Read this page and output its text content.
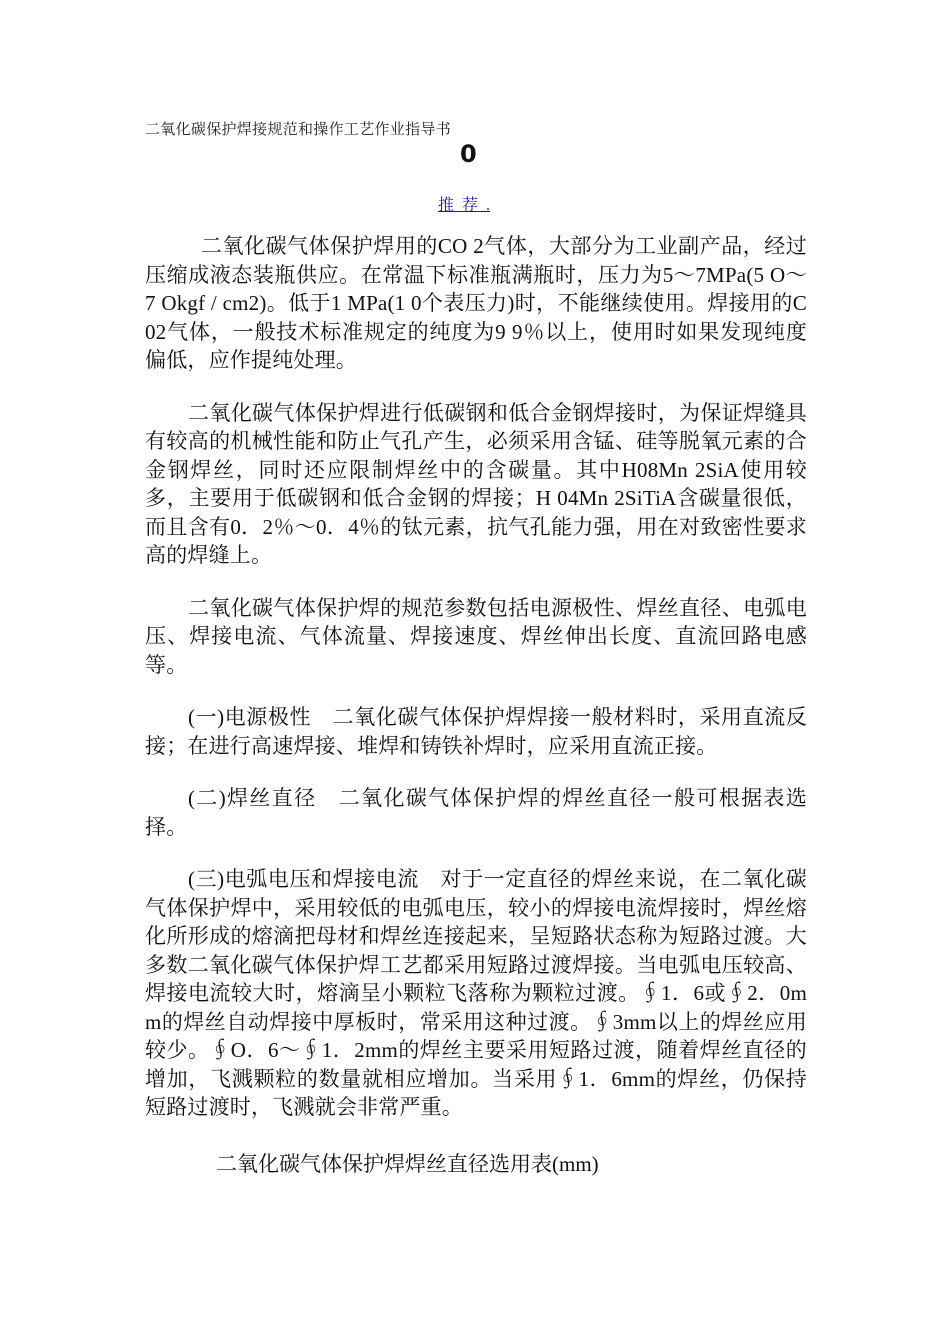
二氧化碳保护焊接规范和操作工艺作业指导书
0
推  荐  .

二氧化碳气体保护焊用的CO 2气体，大部分为工业副产品，经过压缩成液态装瓶供应。在常温下标准瓶满瓶时，压力为5～7MPa(5 O～7 Okgf / cm2)。低于1 MPa(1 0个表压力)时，不能继续使用。焊接用的C02气体，一般技术标准规定的纯度为9 9％以上，使用时如果发现纯度偏低，应作提纯处理。

二氧化碳气体保护焊进行低碳钢和低合金钢焊接时，为保证焊缝具有较高的机械性能和防止气孔产生，必须采用含锰、硅等脱氧元素的合金钢焊丝，同时还应限制焊丝中的含碳量。其中H08Mn 2SiA使用较多，主要用于低碳钢和低合金钢的焊接；H 04Mn 2SiTiA含碳量很低，而且含有0．2％～0．4％的钛元素，抗气孔能力强，用在对致密性要求高的焊缝上。

二氧化碳气体保护焊的规范参数包括电源极性、焊丝直径、电弧电压、焊接电流、气体流量、焊接速度、焊丝伸出长度、直流回路电感等。

(一)电源极性　二氧化碳气体保护焊焊接一般材料时，采用直流反接；在进行高速焊接、堆焊和铸铁补焊时，应采用直流正接。

(二)焊丝直径　二氧化碳气体保护焊的焊丝直径一般可根据表选择。

(三)电弧电压和焊接电流　对于一定直径的焊丝来说，在二氧化碳气体保护焊中，采用较低的电弧电压，较小的焊接电流焊接时，焊丝熔化所形成的熔滴把母材和焊丝连接起来，呈短路状态称为短路过渡。大多数二氧化碳气体保护焊工艺都采用短路过渡焊接。当电弧电压较高、焊接电流较大时，熔滴呈小颗粒飞落称为颗粒过渡。∮1．6或∮2．0mm的焊丝自动焊接中厚板时，常采用这种过渡。∮3mm以上的焊丝应用较少。∮O．6～∮1．2mm的焊丝主要采用短路过渡，随着焊丝直径的增加，飞溅颗粒的数量就相应增加。当采用∮1．6mm的焊丝，仍保持短路过渡时，飞溅就会非常严重。

二氧化碳气体保护焊焊丝直径选用表(mm)
